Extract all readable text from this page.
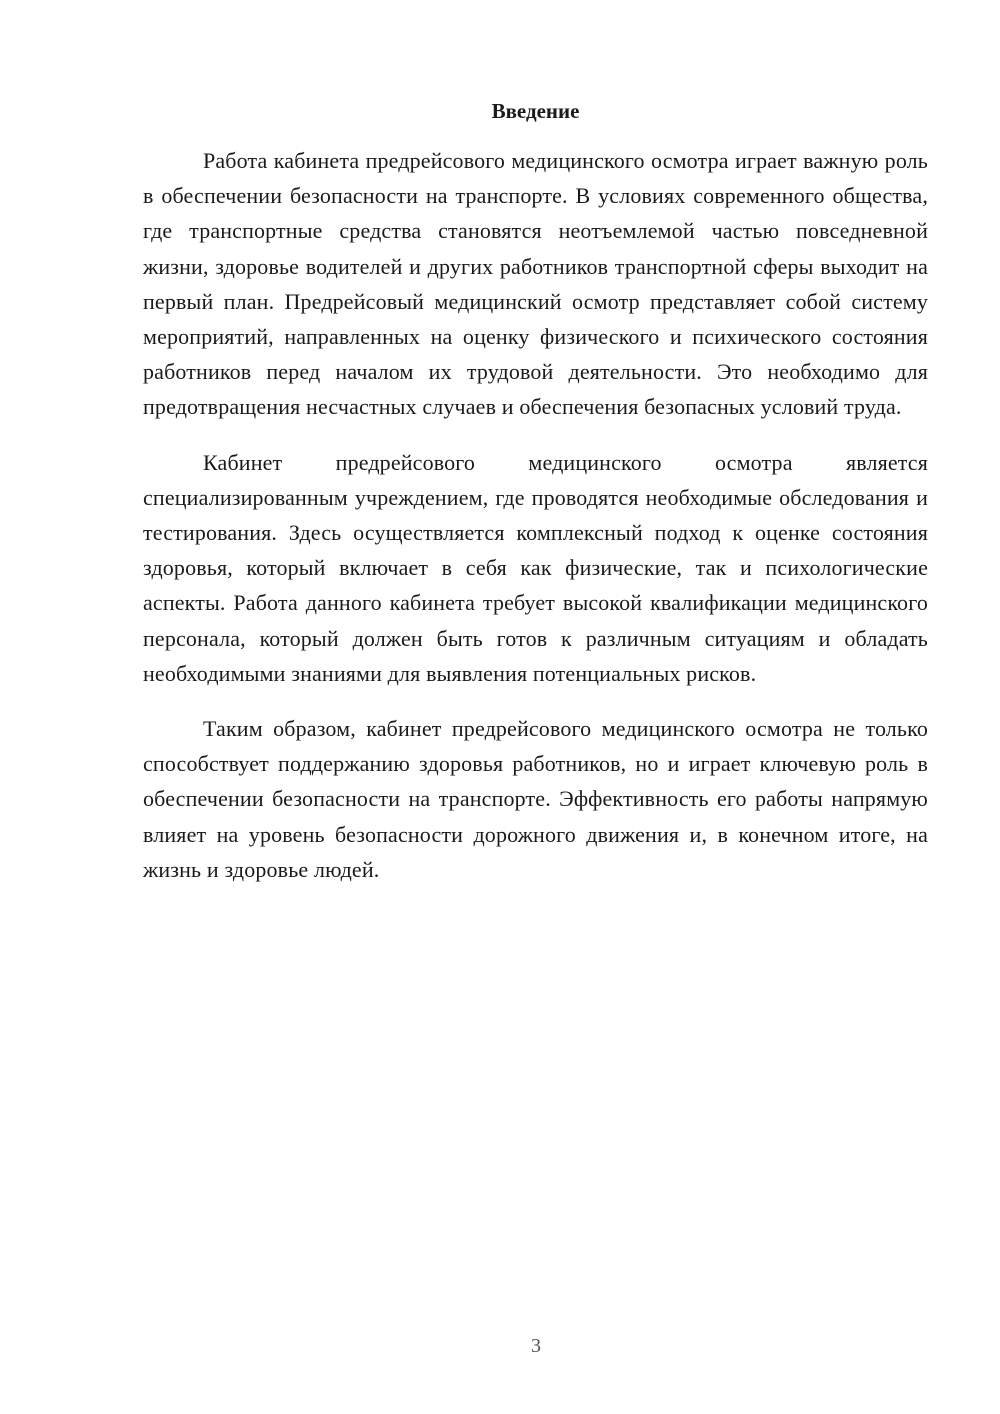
Введение

Работа кабинета предрейсового медицинского осмотра играет важную роль в обеспечении безопасности на транспорте. В условиях современного общества, где транспортные средства становятся неотъемлемой частью повседневной жизни, здоровье водителей и других работников транспортной сферы выходит на первый план. Предрейсовый медицинский осмотр представляет собой систему мероприятий, направленных на оценку физического и психического состояния работников перед началом их трудовой деятельности. Это необходимо для предотвращения несчастных случаев и обеспечения безопасных условий труда.

Кабинет предрейсового медицинского осмотра является специализированным учреждением, где проводятся необходимые обследования и тестирования. Здесь осуществляется комплексный подход к оценке состояния здоровья, который включает в себя как физические, так и психологические аспекты. Работа данного кабинета требует высокой квалификации медицинского персонала, который должен быть готов к различным ситуациям и обладать необходимыми знаниями для выявления потенциальных рисков.

Таким образом, кабинет предрейсового медицинского осмотра не только способствует поддержанию здоровья работников, но и играет ключевую роль в обеспечении безопасности на транспорте. Эффективность его работы напрямую влияет на уровень безопасности дорожного движения и, в конечном итоге, на жизнь и здоровье людей.

3
